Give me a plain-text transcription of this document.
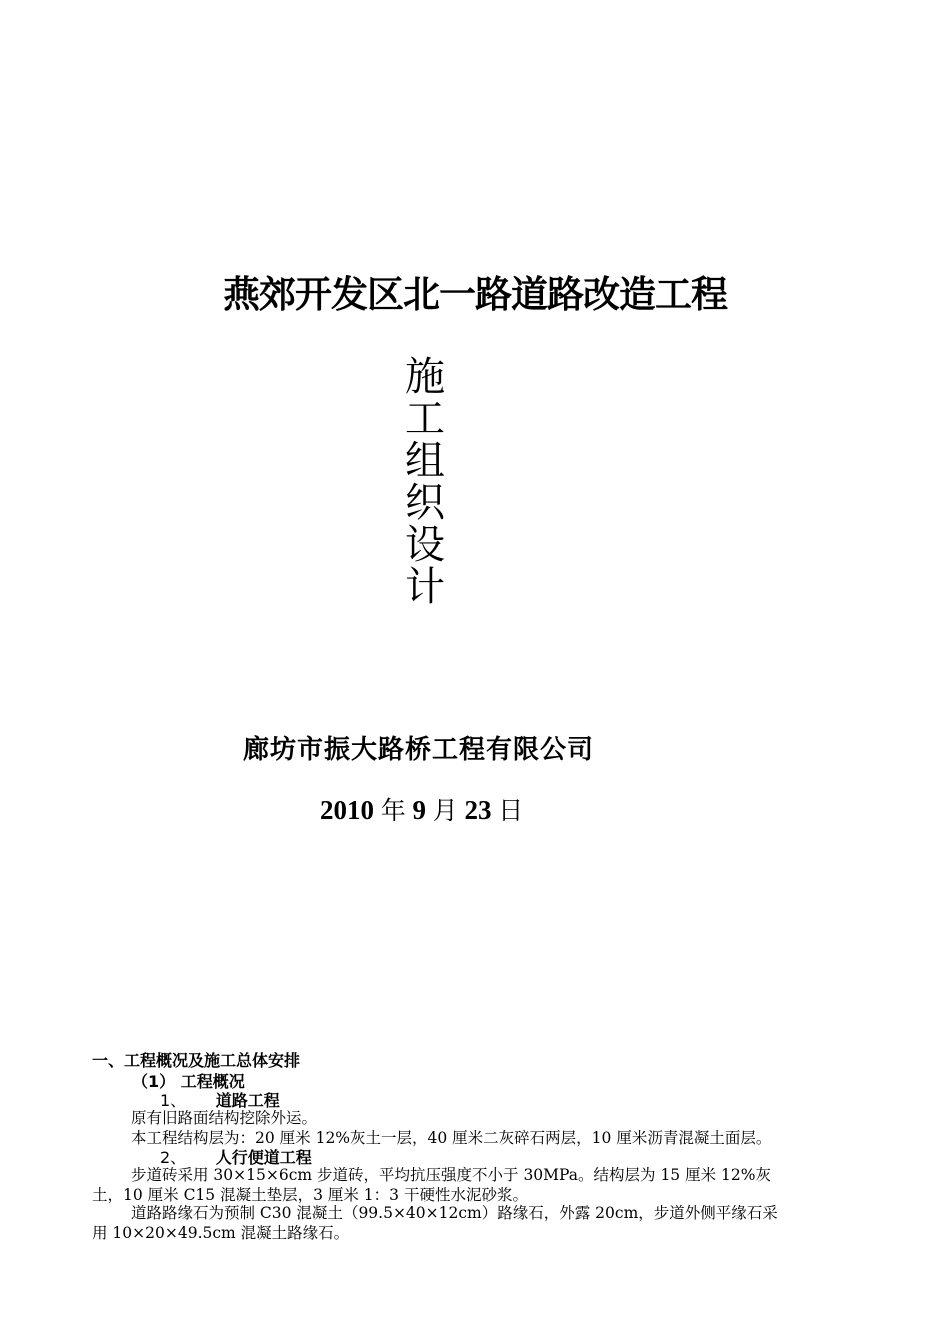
燕郊开发区北一路道路改造工程
施
工
组
织
设
计
廊坊市振大路桥工程有限公司
2010 年 9 月 23 日
一、工程概况及施工总体安排
（1） 工程概况
1、 道路工程
原有旧路面结构挖除外运。
本工程结构层为：20 厘米 12%灰土一层，40 厘米二灰碎石两层，10 厘米沥青混凝土面层。
2、 人行便道工程
步道砖采用 30×15×6cm 步道砖，平均抗压强度不小于 30MPa。结构层为 15 厘米 12%灰
土，10 厘米 C15 混凝土垫层，3 厘米 1：3 干硬性水泥砂浆。
道路路缘石为预制 C30 混凝土（99.5×40×12cm）路缘石，外露 20cm，步道外侧平缘石采
用 10×20×49.5cm 混凝土路缘石。
